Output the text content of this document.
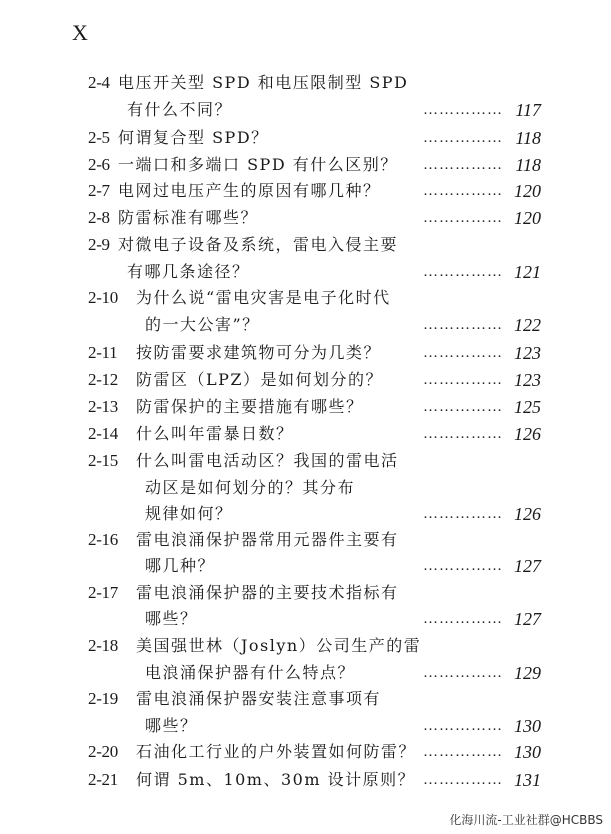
X
2-4 电压开关型 SPD 和电压限制型 SPD
有什么不同？	…………… 117
2-5 何谓复合型 SPD？	…………… 118
2-6 一端口和多端口 SPD 有什么区别？ …………… 118
2-7 电网过电压产生的原因有哪几种？	…………… 120
2-8 防雷标准有哪些？	…………… 120
2-9 对微电子设备及系统，雷电入侵主要
有哪几条途径？	…………… 121
2-10 为什么说“雷电灾害是电子化时代
的一大公害”？	…………… 122
2-11 按防雷要求建筑物可分为几类？	…………… 123
2-12 防雷区（LPZ）是如何划分的？	…………… 123
2-13 防雷保护的主要措施有哪些？	…………… 125
2-14 什么叫年雷暴日数？	…………… 126
2-15 什么叫雷电活动区？我国的雷电活
动区是如何划分的？其分布
规律如何？	…………… 126
2-16 雷电浪涌保护器常用元器件主要有
哪几种？	…………… 127
2-17 雷电浪涌保护器的主要技术指标有
哪些？	…………… 127
2-18 美国强世林（Joslyn）公司生产的雷
电浪涌保护器有什么特点？	…………… 129
2-19 雷电浪涌保护器安装注意事项有
哪些？	…………… 130
2-20 石油化工行业的户外装置如何防雷？ …………… 130
2-21 何谓 5m、10m、30m 设计原则？ …………… 131
化海川流-工业社群@HCBBS
